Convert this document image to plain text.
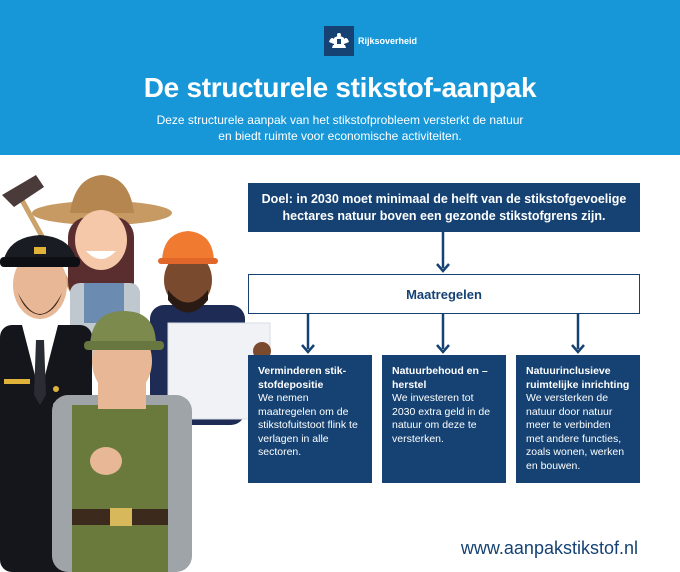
Rijksoverheid
De structurele stikstof-aanpak
Deze structurele aanpak van het stikstofprobleem versterkt de natuur en biedt ruimte voor economische activiteiten.
Doel: in 2030 moet minimaal de helft van de stikstofgevoelige hectares natuur boven een gezonde stikstofgrens zijn.
Maatregelen
Verminderen stik-stofdepositie
We nemen maatregelen om de stikstofuitstoot flink te verlagen in alle sectoren.
Natuurbehoud en –herstel
We investeren tot 2030 extra geld in de natuur om deze te versterken.
Natuurinclusieve ruimtelijke inrichting
We versterken de natuur door natuur meer te verbinden met andere functies, zoals wonen, werken en bouwen.
www.aanpakstikstof.nl
